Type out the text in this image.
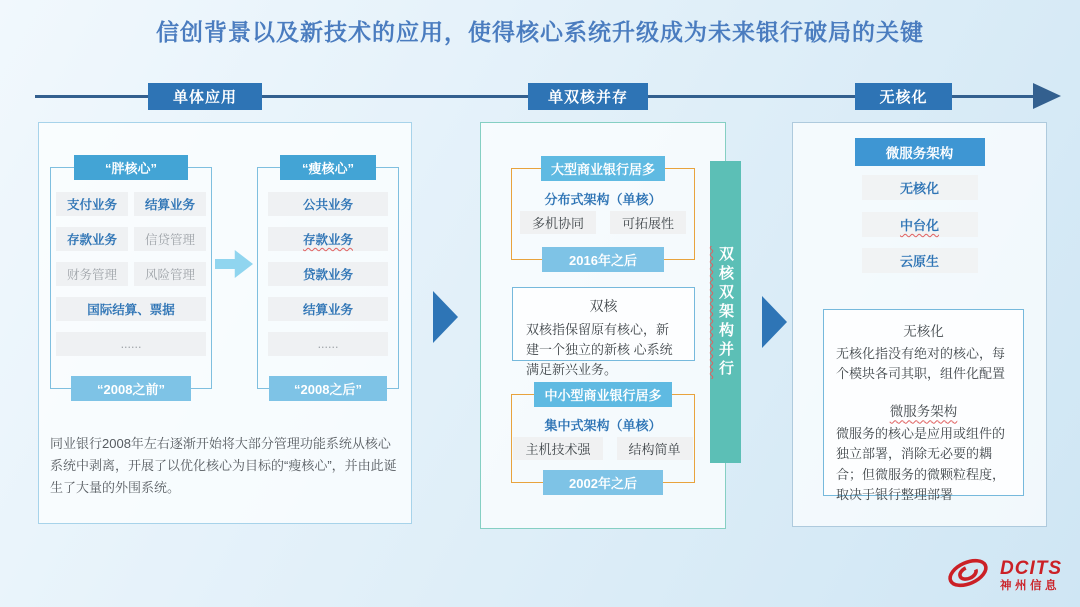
信创背景以及新技术的应用，使得核心系统升级成为未来银行破局的关键
单体应用	单双核并存	无核化
“胖核心”
支付业务	结算业务
存款业务	信贷管理
财务管理	风险管理
国际结算、票据
......
“2008之前”
“瘦核心”
公共业务
存款业务
贷款业务
结算业务
......
“2008之后”
同业银行2008年左右逐渐开始将大部分管理功能系统从核心系统中剥离，开展了以优化核心为目标的“瘦核心”，并由此诞生了大量的外围系统。
大型商业银行居多
分布式架构（单核）
多机协同	可拓展性
2016年之后
双核
双核指保留原有核心，新建一个独立的新核 心系统满足新兴业务。
中小型商业银行居多
集中式架构（单核）
主机技术强	结构简单
2002年之后
双核双架构并行
微服务架构
无核化
中台化
云原生
无核化
无核化指没有绝对的核心，每个模块各司其职，组件化配置
微服务架构
微服务的核心是应用或组件的独立部署，消除无必要的耦合；但微服务的微颗粒程度，取决于银行整理部署
DCITS
神州信息
